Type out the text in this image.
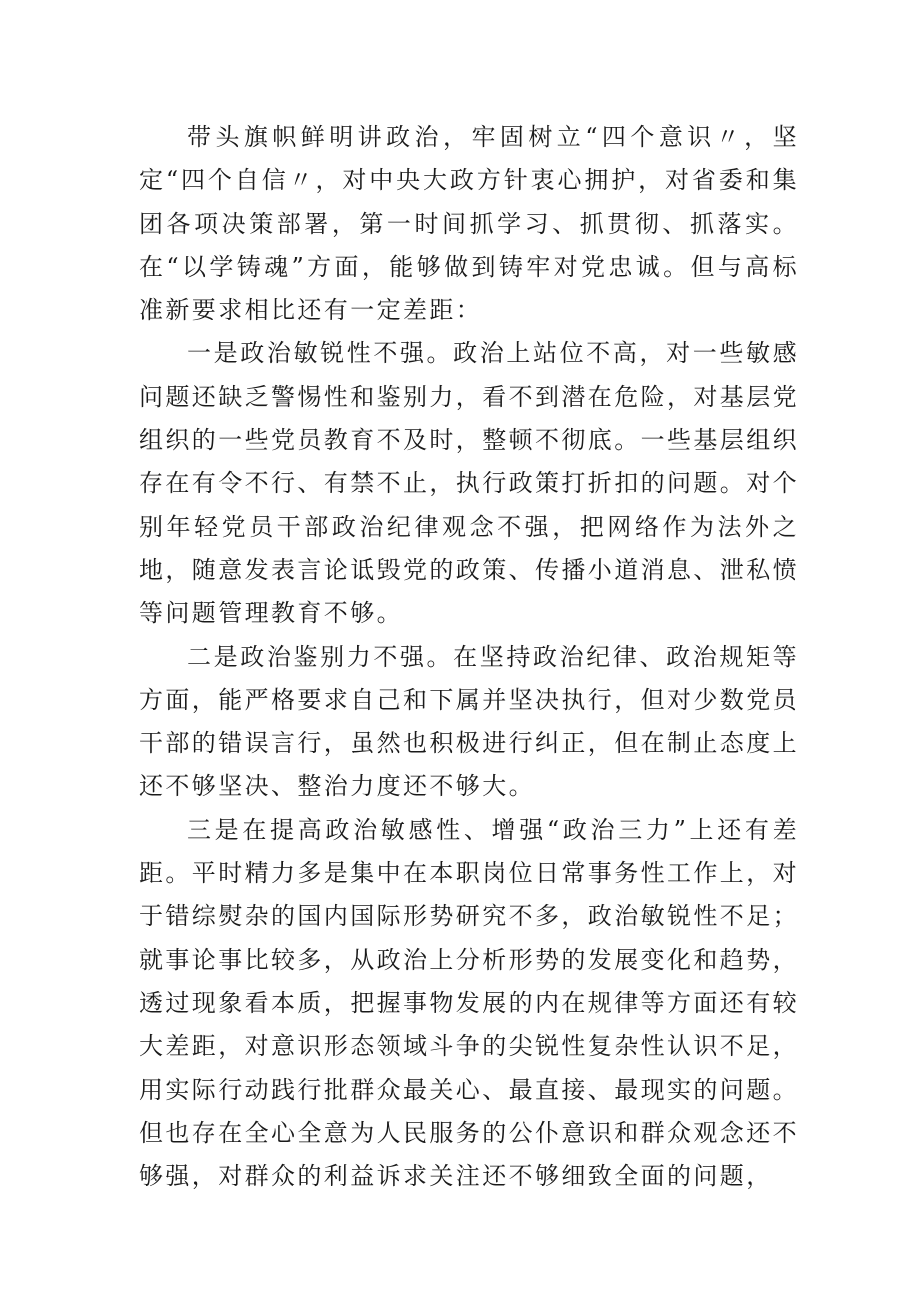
带头旗帜鲜明讲政治，牢固树立“四个意识〃，坚定“四个自信〃，对中央大政方针衷心拥护，对省委和集团各项决策部署，第一时间抓学习、抓贯彻、抓落实。在“以学铸魂”方面，能够做到铸牢对党忠诚。但与高标准新要求相比还有一定差距：

一是政治敏锐性不强。政治上站位不高，对一些敏感问题还缺乏警惕性和鉴别力，看不到潜在危险，对基层党组织的一些党员教育不及时，整顿不彻底。一些基层组织存在有令不行、有禁不止，执行政策打折扣的问题。对个别年轻党员干部政治纪律观念不强，把网络作为法外之地，随意发表言论诋毁党的政策、传播小道消息、泄私愤等问题管理教育不够。

二是政治鉴别力不强。在坚持政治纪律、政治规矩等方面，能严格要求自己和下属并坚决执行，但对少数党员干部的错误言行，虽然也积极进行纠正，但在制止态度上还不够坚决、整治力度还不够大。

三是在提高政治敏感性、增强“政治三力”上还有差距。平时精力多是集中在本职岗位日常事务性工作上，对于错综熨杂的国内国际形势研究不多，政治敏锐性不足；就事论事比较多，从政治上分析形势的发展变化和趋势，透过现象看本质，把握事物发展的内在规律等方面还有较大差距，对意识形态领域斗争的尖锐性复杂性认识不足，用实际行动践行批群众最关心、最直接、最现实的问题。但也存在全心全意为人民服务的公仆意识和群众观念还不够强，对群众的利益诉求关注还不够细致全面的问题，
